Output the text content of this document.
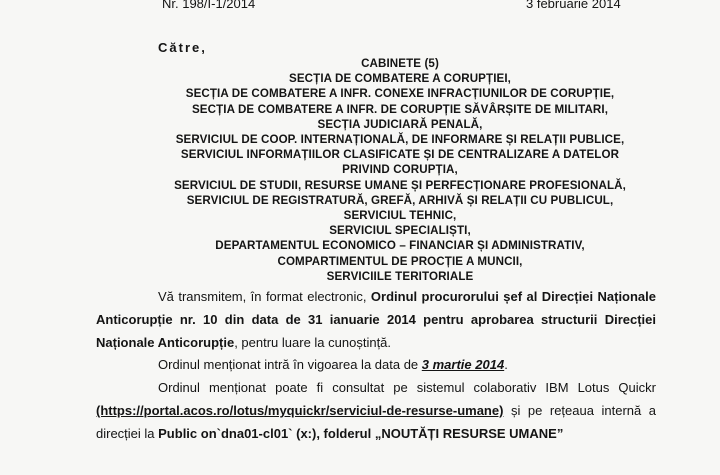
Nr. 198/I-1/2014	3 februarie 2014
Către,
CABINETE (5)
SECȚIA DE COMBATERE A CORUPȚIEI,
SECȚIA DE COMBATERE A INFR. CONEXE INFRACȚIUNILOR DE CORUPȚIE,
SECȚIA DE COMBATERE A INFR. DE CORUPȚIE SĂVÂRȘITE DE MILITARI,
SECȚIA JUDICIARĂ PENALĂ,
SERVICIUL DE COOP. INTERNAȚIONALĂ, DE INFORMARE ȘI RELAȚII PUBLICE,
SERVICIUL INFORMAȚIILOR CLASIFICATE ȘI DE CENTRALIZARE A DATELOR
PRIVIND CORUPȚIA,
SERVICIUL DE STUDII, RESURSE UMANE ȘI PERFECȚIONARE PROFESIONALĂ,
SERVICIUL DE REGISTRATURĂ, GREFĂ, ARHIVĂ ȘI RELAȚII CU PUBLICUL,
SERVICIUL TEHNIC,
SERVICIUL SPECIALIȘTI,
DEPARTAMENTUL ECONOMICO – FINANCIAR ȘI ADMINISTRATIV,
COMPARTIMENTUL DE PROCȚIE A MUNCII,
SERVICIILE TERITORIALE

Vă transmitem, în format electronic, Ordinul procurorului șef al Direcției Naționale Anticorupție nr. 10 din data de 31 ianuarie 2014 pentru aprobarea structurii Direcției Naționale Anticorupție, pentru luare la cunoștință.

Ordinul menționat intră în vigoarea la data de 3 martie 2014.

Ordinul menționat poate fi consultat pe sistemul colaborativ IBM Lotus Quickr (https://portal.acos.ro/lotus/myquickr/serviciul-de-resurse-umane) și pe rețeaua internă a direcției la Public on`dna01-cl01` (x:), folderul „NOUTĂȚI RESURSE UMANE”
